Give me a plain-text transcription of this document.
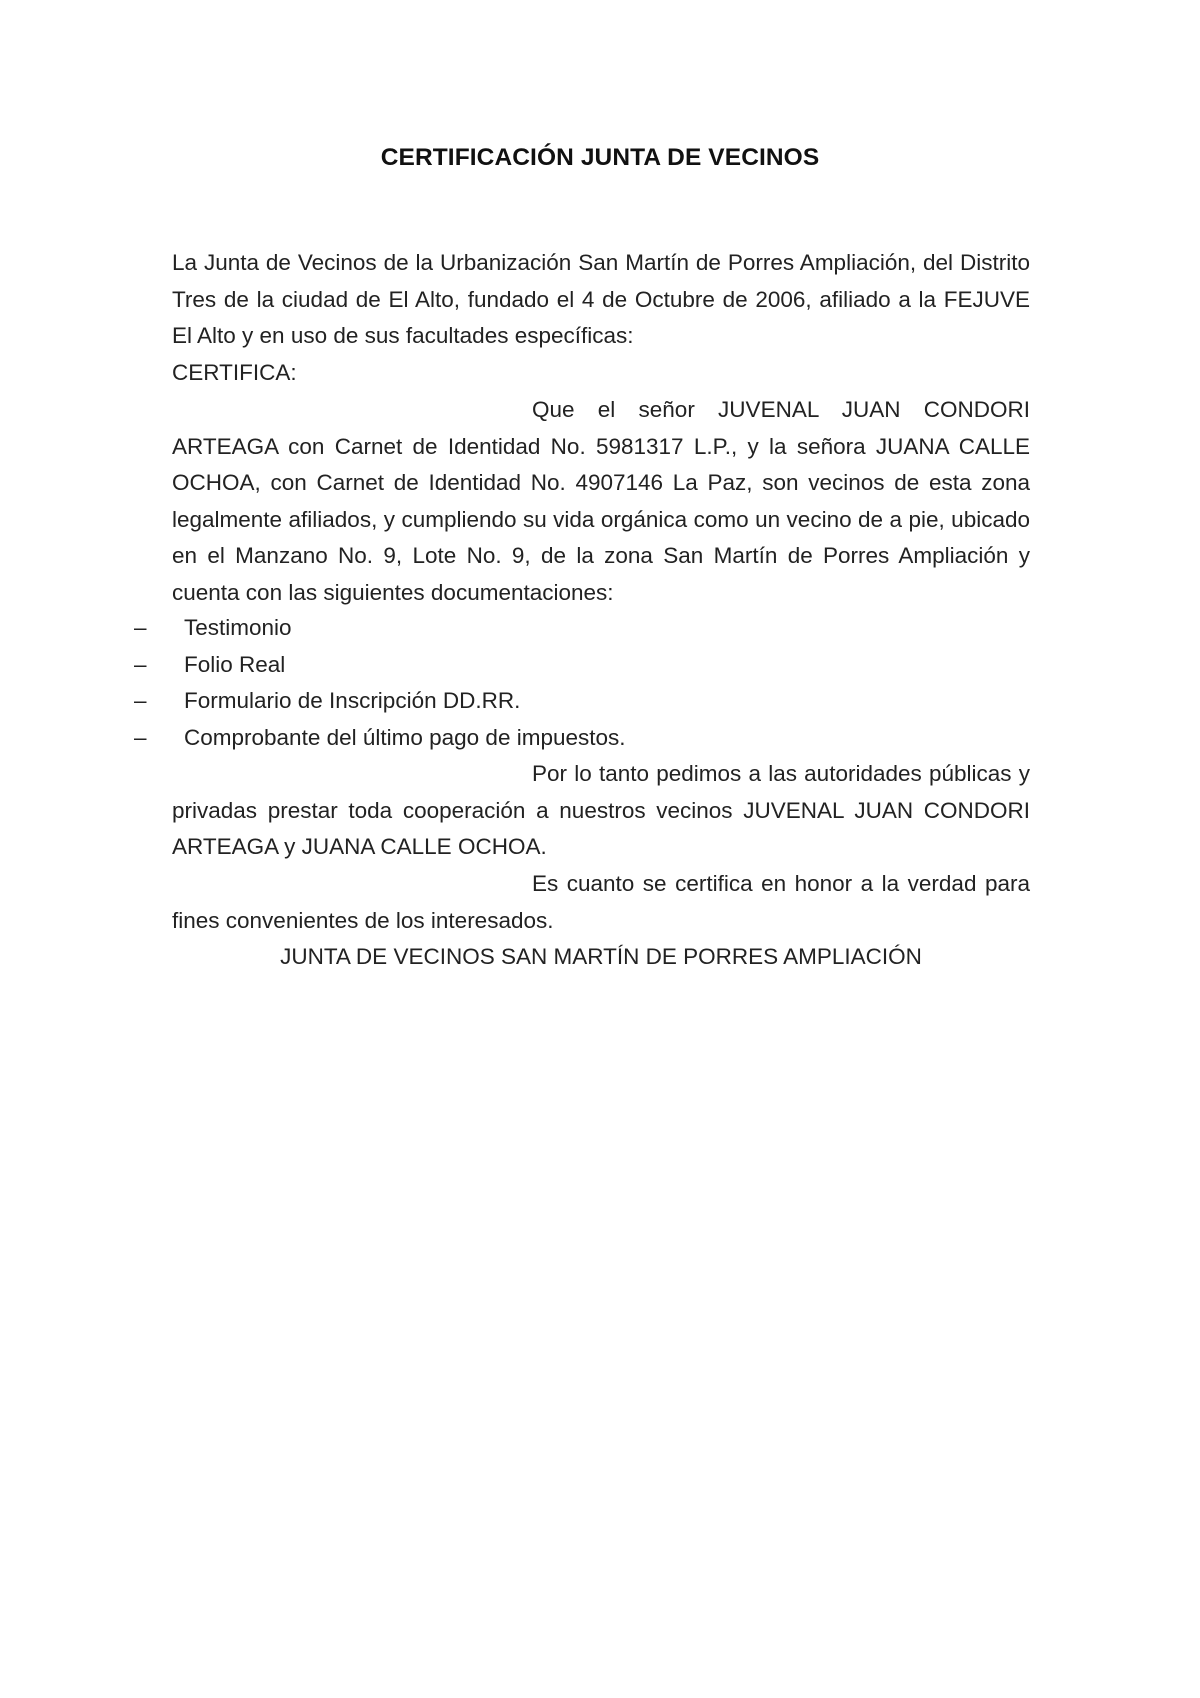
CERTIFICACIÓN JUNTA DE VECINOS
La Junta de Vecinos de la Urbanización San Martín de Porres Ampliación, del Distrito Tres de la ciudad de El Alto, fundado el 4 de Octubre de 2006, afiliado a la FEJUVE El Alto y en uso de sus facultades específicas:
CERTIFICA:
Que el señor JUVENAL JUAN CONDORI ARTEAGA con Carnet de Identidad No. 5981317 L.P., y la señora JUANA CALLE OCHOA, con Carnet de Identidad No. 4907146 La Paz, son vecinos de esta zona legalmente afiliados, y cumpliendo su vida orgánica como un vecino de a pie, ubicado en el Manzano No. 9, Lote No. 9, de la zona San Martín de Porres Ampliación y cuenta con las siguientes documentaciones:
– Testimonio
– Folio Real
– Formulario de Inscripción DD.RR.
– Comprobante del último pago de impuestos.
Por lo tanto pedimos a las autoridades públicas y privadas prestar toda cooperación a nuestros vecinos JUVENAL JUAN CONDORI ARTEAGA y JUANA CALLE OCHOA.
Es cuanto se certifica en honor a la verdad para fines convenientes de los interesados.
JUNTA DE VECINOS SAN MARTÍN DE PORRES AMPLIACIÓN
